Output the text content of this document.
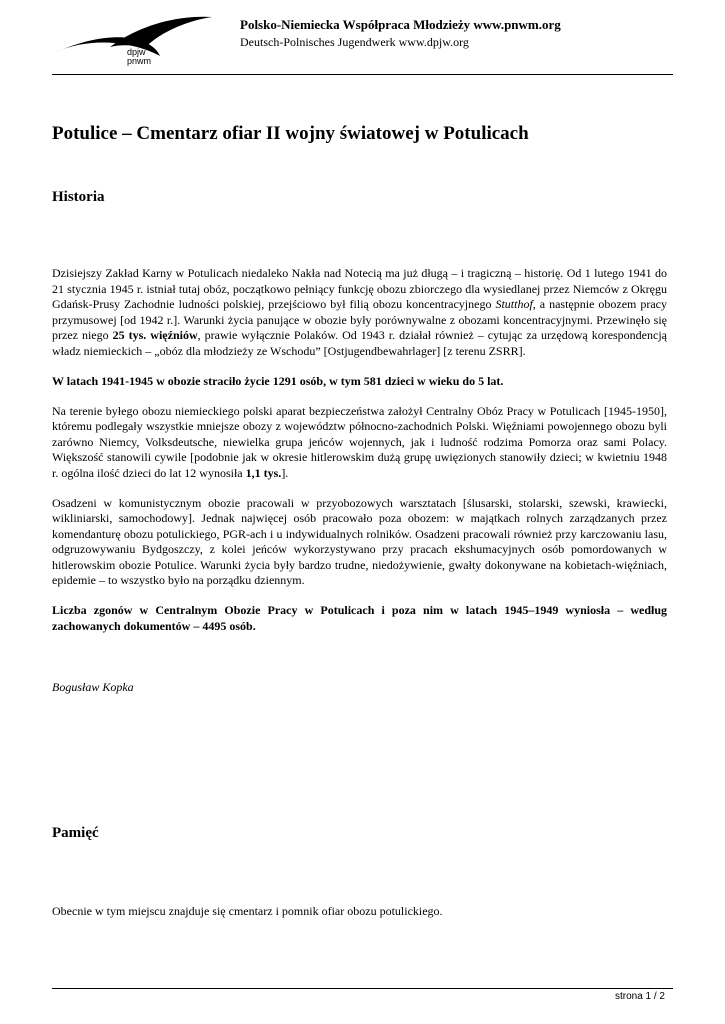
dpjw
pnwm
Polsko-Niemiecka Współpraca Młodzieży www.pnwm.org
Deutsch-Polnisches Jugendwerk www.dpjw.org
Potulice – Cmentarz ofiar II wojny światowej w Potulicach
Historia

Dzisiejszy Zakład Karny w Potulicach niedaleko Nakła nad Notecią ma już długą – i tragiczną – historię. Od 1 lutego 1941 do 21 stycznia 1945 r. istniał tutaj obóz, początkowo pełniący funkcję obozu zbiorczego dla wysiedlanej przez Niemców z Okręgu Gdańsk-Prusy Zachodnie ludności polskiej, przejściowo był filią obozu koncentracyjnego Stutthof, a następnie obozem pracy przymusowej [od 1942 r.]. Warunki życia panujące w obozie były porównywalne z obozami koncentracyjnymi. Przewinęło się przez niego 25 tys. więźniów, prawie wyłącznie Polaków. Od 1943 r. działał również – cytując za urzędową korespondencją władz niemieckich – „obóz dla młodzieży ze Wschodu” [Ostjugendbewahrlager] [z terenu ZSRR].

W latach 1941-1945 w obozie straciło życie 1291 osób, w tym 581 dzieci w wieku do 5 lat.

Na terenie byłego obozu niemieckiego polski aparat bezpieczeństwa założył Centralny Obóz Pracy w Potulicach [1945-1950], któremu podlegały wszystkie mniejsze obozy z województw północno-zachodnich Polski. Więźniami powojennego obozu byli zarówno Niemcy, Volksdeutsche, niewielka grupa jeńców wojennych, jak i ludność rodzima Pomorza oraz sami Polacy. Większość stanowili cywile [podobnie jak w okresie hitlerowskim dużą grupę uwięzionych stanowiły dzieci; w kwietniu 1948 r. ogólna ilość dzieci do lat 12 wynosiła 1,1 tys.].

Osadzeni w komunistycznym obozie pracowali w przyobozowych warsztatach [ślusarski, stolarski, szewski, krawiecki, wikliniarski, samochodowy]. Jednak najwięcej osób pracowało poza obozem: w majątkach rolnych zarządzanych przez komendanturę obozu potulickiego, PGR-ach i u indywidualnych rolników. Osadzeni pracowali również przy karczowaniu lasu, odgruzowywaniu Bydgoszczy, z kolei jeńców wykorzystywano przy pracach ekshumacyjnych osób pomordowanych w hitlerowskim obozie Potulice. Warunki życia były bardzo trudne, niedożywienie, gwałty dokonywane na kobietach-więźniach, epidemie – to wszystko było na porządku dziennym.

Liczba zgonów w Centralnym Obozie Pracy w Potulicach i poza nim w latach 1945–1949 wyniosła – według zachowanych dokumentów – 4495 osób.

Bogusław Kopka
Pamięć

Obecnie w tym miejscu znajduje się cmentarz i pomnik ofiar obozu potulickiego.

strona 1 / 2
